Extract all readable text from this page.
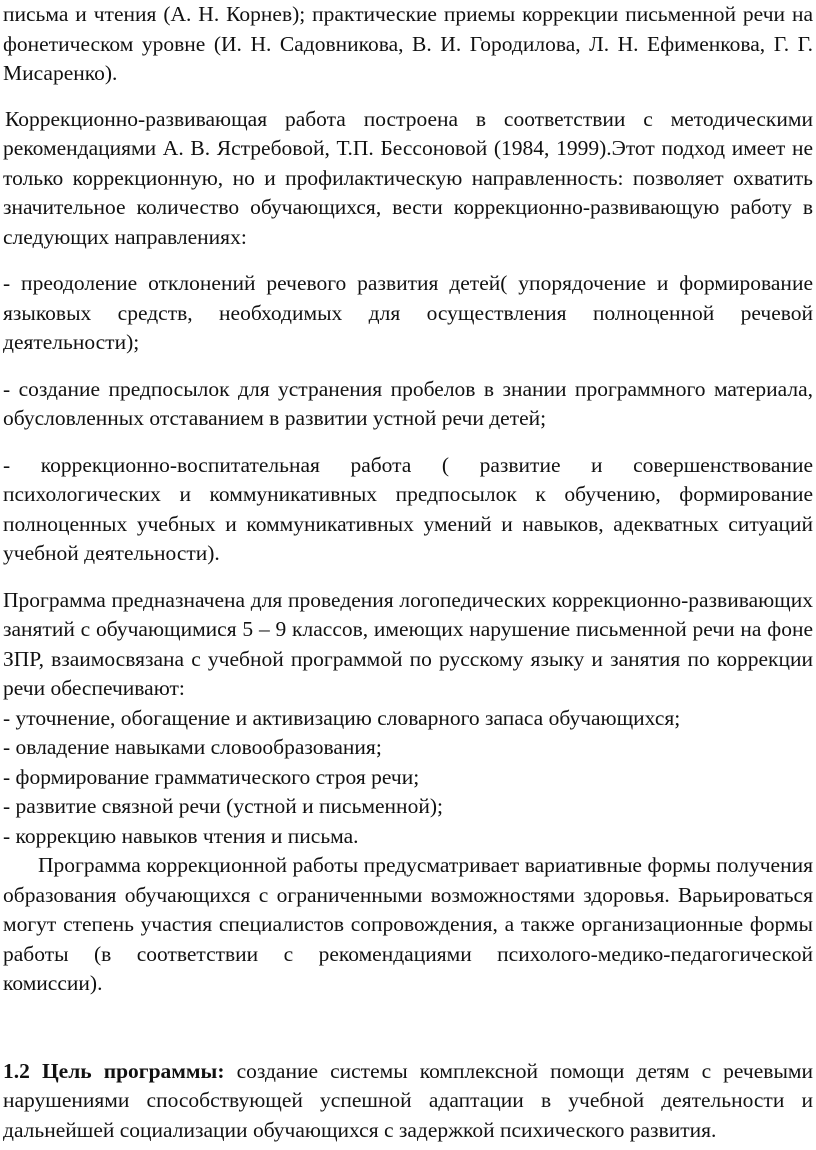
письма и чтения (А. Н. Корнев); практические приемы коррекции письменной речи на фонетическом уровне (И. Н. Садовникова, В. И. Городилова, Л. Н. Ефименкова, Г. Г. Мисаренко).

Коррекционно-развивающая работа построена в соответствии с методическими рекомендациями А. В. Ястребовой, Т.П. Бессоновой (1984, 1999).Этот подход имеет не только коррекционную, но и профилактическую направленность: позволяет охватить значительное количество обучающихся, вести коррекционно-развивающую работу в следующих направлениях:

- преодоление отклонений речевого развития детей( упорядочение и формирование языковых средств, необходимых для осуществления полноценной речевой деятельности);

- создание предпосылок для устранения пробелов в знании программного материала, обусловленных отставанием в развитии устной речи детей;

- коррекционно-воспитательная работа ( развитие и совершенствование психологических и коммуникативных предпосылок к обучению, формирование полноценных учебных и коммуникативных умений и навыков, адекватных ситуаций учебной деятельности).

Программа предназначена для проведения логопедических коррекционно-развивающих занятий с обучающимися 5 – 9 классов, имеющих нарушение письменной речи на фоне ЗПР, взаимосвязана с учебной программой по русскому языку и занятия по коррекции речи обеспечивают:

- уточнение, обогащение и активизацию словарного запаса обучающихся;

- овладение навыками словообразования;

- формирование грамматического строя речи;

- развитие связной речи (устной и письменной);

- коррекцию навыков чтения и письма.

Программа коррекционной работы предусматривает вариативные формы получения образования обучающихся с ограниченными возможностями здоровья. Варьироваться могут степень участия специалистов сопровождения, а также организационные формы работы (в соответствии с рекомендациями психолого-медико-педагогической комиссии).

1.2 Цель программы: создание системы комплексной помощи детям с речевыми нарушениями способствующей успешной адаптации в учебной деятельности и дальнейшей социализации обучающихся с задержкой психического развития.
